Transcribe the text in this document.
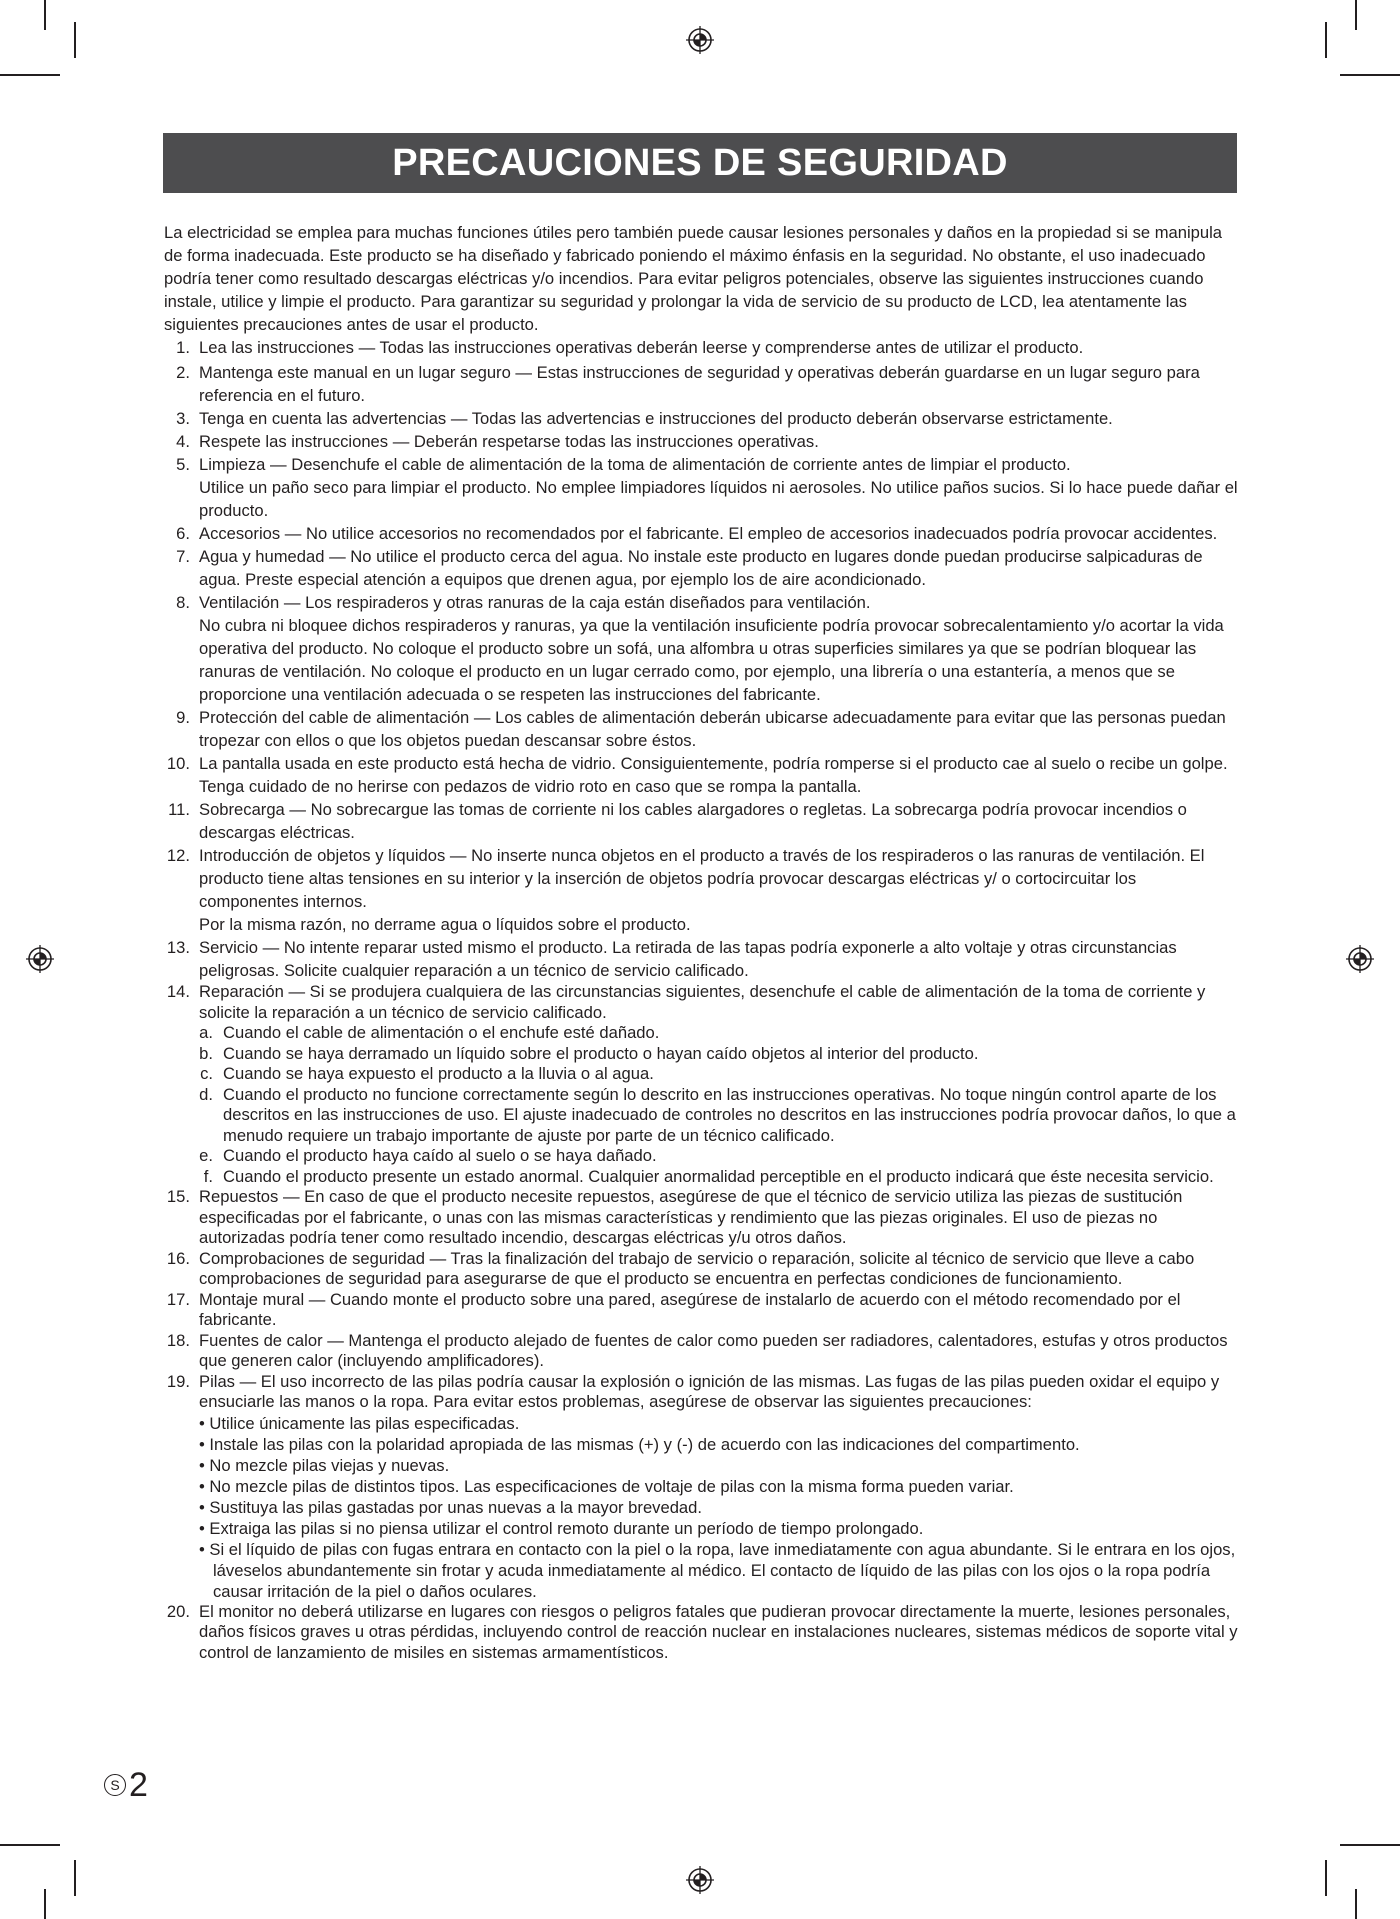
PRECAUCIONES DE SEGURIDAD

La electricidad se emplea para muchas funciones útiles pero también puede causar lesiones personales y daños en la propiedad si se manipula de forma inadecuada. Este producto se ha diseñado y fabricado poniendo el máximo énfasis en la seguridad. No obstante, el uso inadecuado podría tener como resultado descargas eléctricas y/o incendios. Para evitar peligros potenciales, observe las siguientes instrucciones cuando instale, utilice y limpie el producto. Para garantizar su seguridad y prolongar la vida de servicio de su producto de LCD, lea atentamente las siguientes precauciones antes de usar el producto.

1. Lea las instrucciones — Todas las instrucciones operativas deberán leerse y comprenderse antes de utilizar el producto.
2. Mantenga este manual en un lugar seguro — Estas instrucciones de seguridad y operativas deberán guardarse en un lugar seguro para referencia en el futuro.
3. Tenga en cuenta las advertencias — Todas las advertencias e instrucciones del producto deberán observarse estrictamente.
4. Respete las instrucciones — Deberán respetarse todas las instrucciones operativas.
5. Limpieza — Desenchufe el cable de alimentación de la toma de alimentación de corriente antes de limpiar el producto.
Utilice un paño seco para limpiar el producto. No emplee limpiadores líquidos ni aerosoles. No utilice paños sucios. Si lo hace puede dañar el producto.
6. Accesorios — No utilice accesorios no recomendados por el fabricante. El empleo de accesorios inadecuados podría provocar accidentes.
7. Agua y humedad — No utilice el producto cerca del agua. No instale este producto en lugares donde puedan producirse salpicaduras de agua. Preste especial atención a equipos que drenen agua, por ejemplo los de aire acondicionado.
8. Ventilación — Los respiraderos y otras ranuras de la caja están diseñados para ventilación.
No cubra ni bloquee dichos respiraderos y ranuras, ya que la ventilación insuficiente podría provocar sobrecalentamiento y/o acortar la vida operativa del producto. No coloque el producto sobre un sofá, una alfombra u otras superficies similares ya que se podrían bloquear las ranuras de ventilación. No coloque el producto en un lugar cerrado como, por ejemplo, una librería o una estantería, a menos que se proporcione una ventilación adecuada o se respeten las instrucciones del fabricante.
9. Protección del cable de alimentación — Los cables de alimentación deberán ubicarse adecuadamente para evitar que las personas puedan tropezar con ellos o que los objetos puedan descansar sobre éstos.
10. La pantalla usada en este producto está hecha de vidrio. Consiguientemente, podría romperse si el producto cae al suelo o recibe un golpe. Tenga cuidado de no herirse con pedazos de vidrio roto en caso que se rompa la pantalla.
11. Sobrecarga — No sobrecargue las tomas de corriente ni los cables alargadores o regletas. La sobrecarga podría provocar incendios o descargas eléctricas.
12. Introducción de objetos y líquidos — No inserte nunca objetos en el producto a través de los respiraderos o las ranuras de ventilación. El producto tiene altas tensiones en su interior y la inserción de objetos podría provocar descargas eléctricas y/ o cortocircuitar los componentes internos.
Por la misma razón, no derrame agua o líquidos sobre el producto.
13. Servicio — No intente reparar usted mismo el producto. La retirada de las tapas podría exponerle a alto voltaje y otras circunstancias peligrosas. Solicite cualquier reparación a un técnico de servicio calificado.
14. Reparación — Si se produjera cualquiera de las circunstancias siguientes, desenchufe el cable de alimentación de la toma de corriente y solicite la reparación a un técnico de servicio calificado.
a. Cuando el cable de alimentación o el enchufe esté dañado.
b. Cuando se haya derramado un líquido sobre el producto o hayan caído objetos al interior del producto.
c. Cuando se haya expuesto el producto a la lluvia o al agua.
d. Cuando el producto no funcione correctamente según lo descrito en las instrucciones operativas. No toque ningún control aparte de los descritos en las instrucciones de uso. El ajuste inadecuado de controles no descritos en las instrucciones podría provocar daños, lo que a menudo requiere un trabajo importante de ajuste por parte de un técnico calificado.
e. Cuando el producto haya caído al suelo o se haya dañado.
f. Cuando el producto presente un estado anormal. Cualquier anormalidad perceptible en el producto indicará que éste necesita servicio.
15. Repuestos — En caso de que el producto necesite repuestos, asegúrese de que el técnico de servicio utiliza las piezas de sustitución especificadas por el fabricante, o unas con las mismas características y rendimiento que las piezas originales. El uso de piezas no autorizadas podría tener como resultado incendio, descargas eléctricas y/u otros daños.
16. Comprobaciones de seguridad — Tras la finalización del trabajo de servicio o reparación, solicite al técnico de servicio que lleve a cabo comprobaciones de seguridad para asegurarse de que el producto se encuentra en perfectas condiciones de funcionamiento.
17. Montaje mural — Cuando monte el producto sobre una pared, asegúrese de instalarlo de acuerdo con el método recomendado por el fabricante.
18. Fuentes de calor — Mantenga el producto alejado de fuentes de calor como pueden ser radiadores, calentadores, estufas y otros productos que generen calor (incluyendo amplificadores).
19. Pilas — El uso incorrecto de las pilas podría causar la explosión o ignición de las mismas. Las fugas de las pilas pueden oxidar el equipo y ensuciarle las manos o la ropa. Para evitar estos problemas, asegúrese de observar las siguientes precauciones:
• Utilice únicamente las pilas especificadas.
• Instale las pilas con la polaridad apropiada de las mismas (+) y (-) de acuerdo con las indicaciones del compartimento.
• No mezcle pilas viejas y nuevas.
• No mezcle pilas de distintos tipos. Las especificaciones de voltaje de pilas con la misma forma pueden variar.
• Sustituya las pilas gastadas por unas nuevas a la mayor brevedad.
• Extraiga las pilas si no piensa utilizar el control remoto durante un período de tiempo prolongado.
• Si el líquido de pilas con fugas entrara en contacto con la piel o la ropa, lave inmediatamente con agua abundante. Si le entrara en los ojos, láveselos abundantemente sin frotar y acuda inmediatamente al médico. El contacto de líquido de las pilas con los ojos o la ropa podría causar irritación de la piel o daños oculares.
20. El monitor no deberá utilizarse en lugares con riesgos o peligros fatales que pudieran provocar directamente la muerte, lesiones personales, daños físicos graves u otras pérdidas, incluyendo control de reacción nuclear en instalaciones nucleares, sistemas médicos de soporte vital y control de lanzamiento de misiles en sistemas armamentísticos.
S 2
